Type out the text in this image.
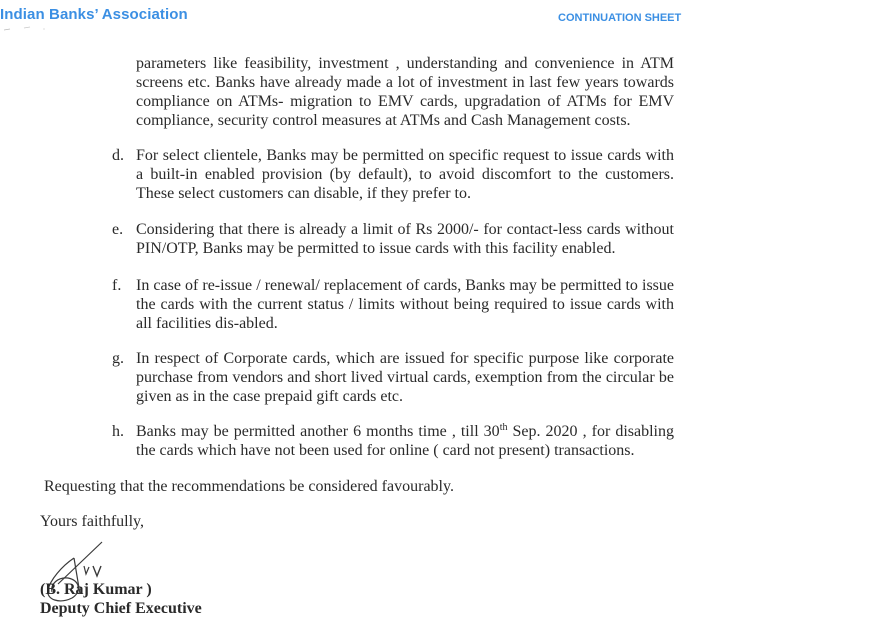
Indian Banks’ Association	CONTINUATION SHEET
parameters like feasibility, investment , understanding and convenience in ATM
screens etc. Banks have already made a lot of investment in last few years towards
compliance on ATMs- migration to EMV cards, upgradation of ATMs for EMV
compliance, security control measures at ATMs and Cash Management costs.
d. For select clientele, Banks may be permitted on specific request to issue cards with a built-in enabled provision (by default), to avoid discomfort to the customers. These select customers can disable, if they prefer to.
e. Considering that there is already a limit of Rs 2000/- for contact-less cards without PIN/OTP, Banks may be permitted to issue cards with this facility enabled.
f. In case of re-issue / renewal/ replacement of cards, Banks may be permitted to issue the cards with the current status / limits without being required to issue cards with all facilities dis-abled.
g. In respect of Corporate cards, which are issued for specific purpose like corporate purchase from vendors and short lived virtual cards, exemption from the circular be given as in the case prepaid gift cards etc.
h. Banks may be permitted another 6 months time , till 30th Sep. 2020 , for disabling the cards which have not been used for online ( card not present) transactions.
Requesting that the recommendations be considered favourably.
Yours faithfully,
(B. Raj Kumar )
Deputy Chief Executive
